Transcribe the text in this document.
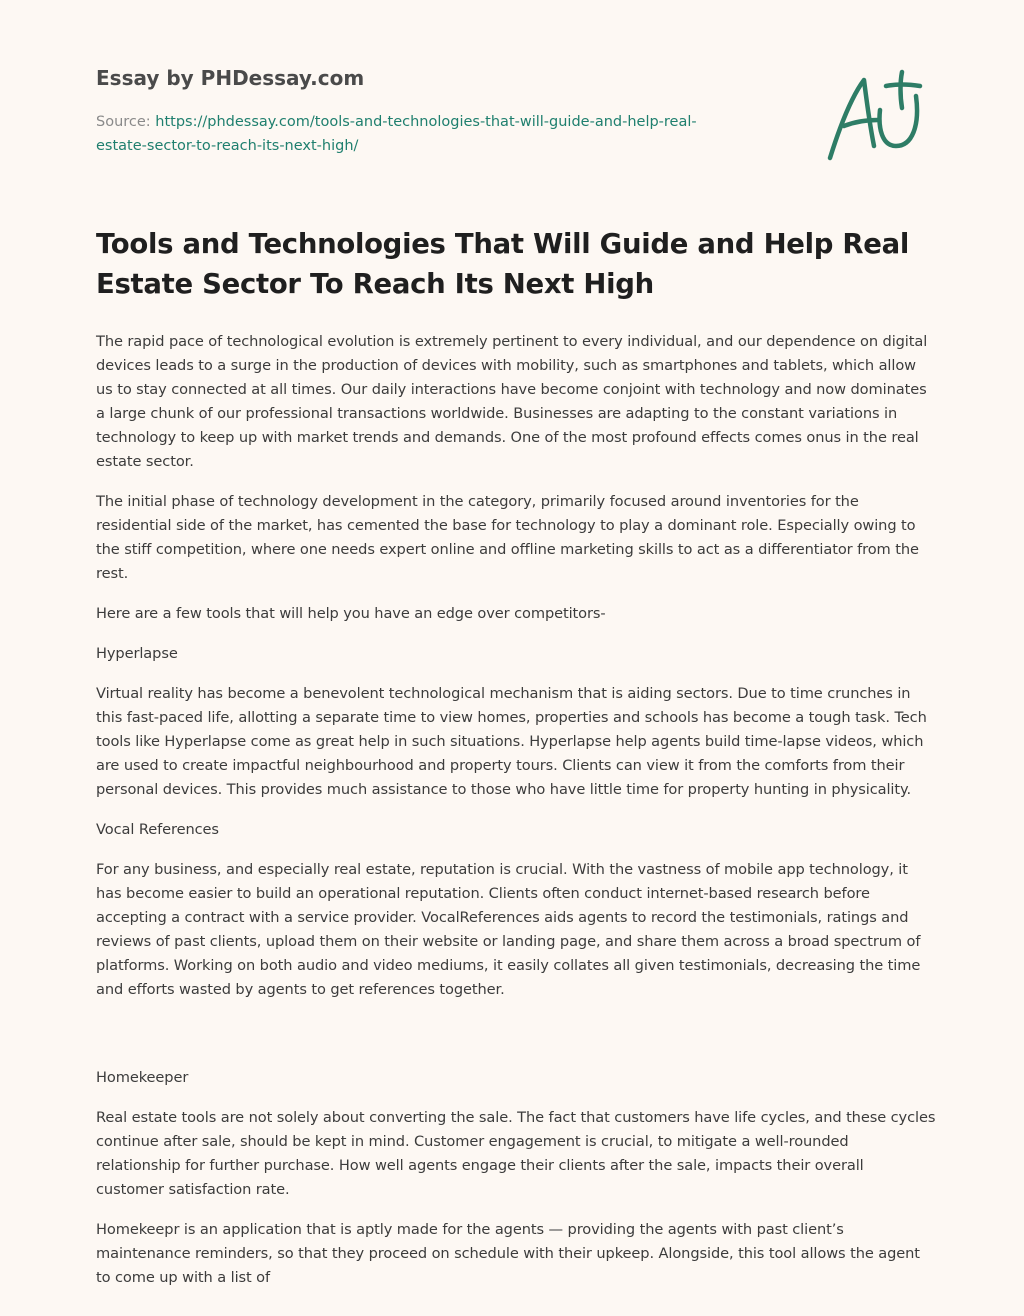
Essay by PHDessay.com
Source: https://phdessay.com/tools-and-technologies-that-will-guide-and-help-real-estate-sector-to-reach-its-next-high/
Tools and Technologies That Will Guide and Help Real Estate Sector To Reach Its Next High

The rapid pace of technological evolution is extremely pertinent to every individual, and our dependence on digital devices leads to a surge in the production of devices with mobility, such as smartphones and tablets, which allow us to stay connected at all times. Our daily interactions have become conjoint with technology and now dominates a large chunk of our professional transactions worldwide. Businesses are adapting to the constant variations in technology to keep up with market trends and demands. One of the most profound effects comes onus in the real estate sector.

The initial phase of technology development in the category, primarily focused around inventories for the residential side of the market, has cemented the base for technology to play a dominant role. Especially owing to the stiff competition, where one needs expert online and offline marketing skills to act as a differentiator from the rest.

Here are a few tools that will help you have an edge over competitors-

Hyperlapse

Virtual reality has become a benevolent technological mechanism that is aiding sectors. Due to time crunches in this fast-paced life, allotting a separate time to view homes, properties and schools has become a tough task. Tech tools like Hyperlapse come as great help in such situations. Hyperlapse help agents build time-lapse videos, which are used to create impactful neighbourhood and property tours. Clients can view it from the comforts from their personal devices. This provides much assistance to those who have little time for property hunting in physicality.

Vocal References

For any business, and especially real estate, reputation is crucial. With the vastness of mobile app technology, it has become easier to build an operational reputation. Clients often conduct internet-based research before accepting a contract with a service provider. VocalReferences aids agents to record the testimonials, ratings and reviews of past clients, upload them on their website or landing page, and share them across a broad spectrum of platforms. Working on both audio and video mediums, it easily collates all given testimonials, decreasing the time and efforts wasted by agents to get references together.

Homekeeper

Real estate tools are not solely about converting the sale. The fact that customers have life cycles, and these cycles continue after sale, should be kept in mind. Customer engagement is crucial, to mitigate a well-rounded relationship for further purchase. How well agents engage their clients after the sale, impacts their overall customer satisfaction rate.

Homekeepr is an application that is aptly made for the agents — providing the agents with past client’s maintenance reminders, so that they proceed on schedule with their upkeep. Alongside, this tool allows the agent to come up with a list of
